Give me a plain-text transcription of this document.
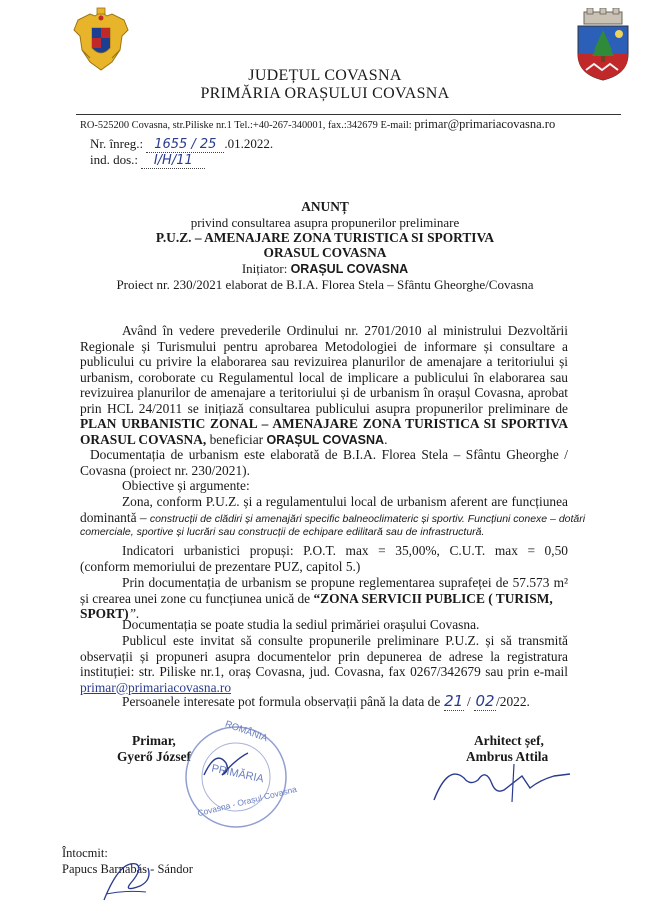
JUDEȚUL COVASNA
PRIMĂRIA ORAȘULUI COVASNA
RO-525200 Covasna, str.Piliske nr.1 Tel.:+40-267-340001, fax.:342679 E-mail: primar@primariacovasna.ro
Nr. înreg.: 1655 / 25 .01.2022.
ind. dos.: I/H/11
ANUNȚ
privind consultarea asupra propunerilor preliminare
P.U.Z. – AMENAJARE ZONA TURISTICA SI SPORTIVA
ORASUL COVASNA
Inițiator: ORAȘUL COVASNA
Proiect nr. 230/2021 elaborat de B.I.A. Florea Stela – Sfântu Gheorghe/Covasna
Având în vedere prevederile Ordinului nr. 2701/2010 al ministrului Dezvoltării
Regionale și Turismului pentru aprobarea Metodologiei de informare și consultare a
publicului cu privire la elaborarea sau revizuirea planurilor de amenajare a teritoriului și
urbanism, coroborate cu Regulamentul local de implicare a publicului în elaborarea sau
revizuirea planurilor de amenajare a teritoriului și de urbanism în orașul Covasna, aprobat
prin HCL 24/2011 se inițiază consultarea publicului asupra propunerilor preliminare de
PLAN URBANISTIC ZONAL – AMENAJARE ZONA TURISTICA SI SPORTIVA
ORASUL COVASNA, beneficiar ORAȘUL COVASNA.
Documentația de urbanism este elaborată de B.I.A. Florea Stela – Sfântu Gheorghe /
Covasna (proiect nr. 230/2021).
Obiective și argumente:
Zona, conform P.U.Z. și a regulamentului local de urbanism aferent are funcțiunea
dominantă – construcții de clădiri și amenajări specific balneoclimateric și sportiv. Funcțiuni conexe – dotări
comerciale, sportive și lucrări sau construcții de echipare edilitară sau de infrastructură.
Indicatori urbanistici propuși: P.O.T. max = 35,00%, C.U.T. max = 0,50
(conform memoriului de prezentare PUZ, capitol 5.)
Prin documentația de urbanism se propune reglementarea suprafeței de 57.573 m²
și crearea unei zone cu funcțiunea unică de “ZONA SERVICII PUBLICE ( TURISM,
SPORT)”.
Documentația se poate studia la sediul primăriei orașului Covasna.
Publicul este invitat să consulte propunerile preliminare P.U.Z. și să transmită
observații și propuneri asupra documentelor prin depunerea de adrese la registratura
instituției: str. Piliske nr.1, oraș Covasna, jud. Covasna, fax 0267/342679 sau prin e-mail
primar@primariacovasna.ro
Persoanele interesate pot formula observații până la data de 21 / 02/2022.
Primar,
Gyerő József
Arhitect șef,
Ambrus Attila
ROMÂNIA
PRIMĂRIA
Covasna - Orașul Covasna
Întocmit:
Papucs Barnabás - Sándor
